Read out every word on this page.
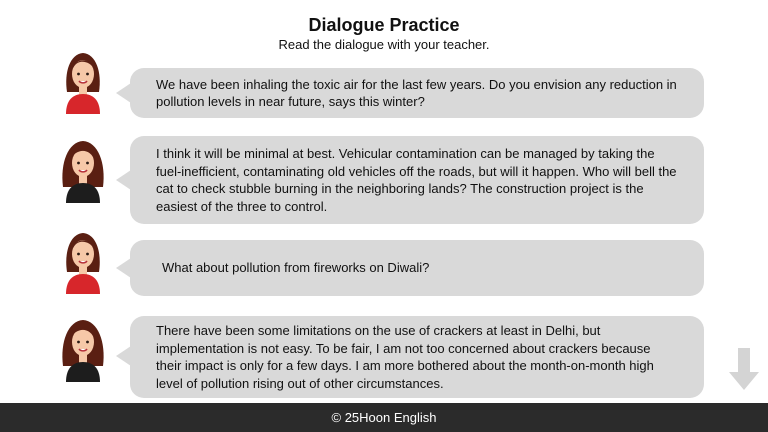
Dialogue Practice
Read the dialogue with your teacher.
We have been inhaling the toxic air for the last few years. Do you envision any reduction in pollution levels in near future, says this winter?
I think it will be minimal at best. Vehicular contamination can be managed by taking the fuel-inefficient, contaminating old vehicles off the roads, but will it happen. Who will bell the cat to check stubble burning in the neighboring lands? The construction project is the easiest of the three to control.
What about pollution from fireworks on Diwali?
There have been some limitations on the use of crackers at least in Delhi, but implementation is not easy. To be fair, I am not too concerned about crackers because their impact is only for a few days. I am more bothered about the month-on-month high level of pollution rising out of other circumstances.
© 25Hoon English
